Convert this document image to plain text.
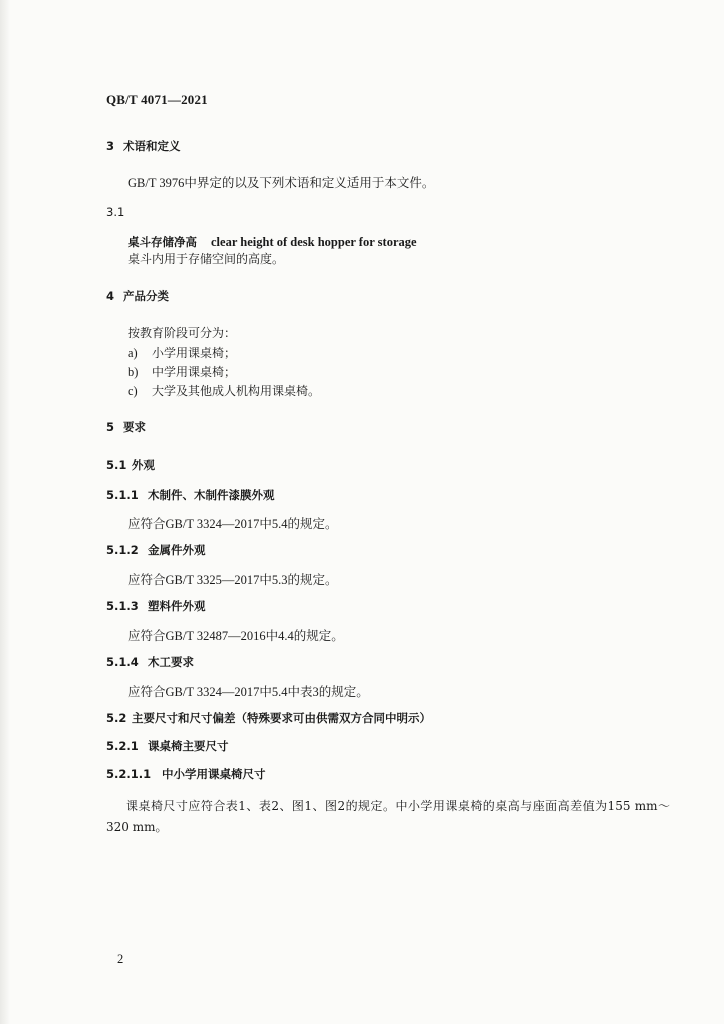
QB/T 4071—2021
3 术语和定义
GB/T 3976中界定的以及下列术语和定义适用于本文件。
3.1
桌斗存储净高 clear height of desk hopper for storage
桌斗内用于存储空间的高度。
4 产品分类
按教育阶段可分为：
a) 小学用课桌椅；
b) 中学用课桌椅；
c) 大学及其他成人机构用课桌椅。
5 要求
5.1 外观
5.1.1 木制件、木制件漆膜外观
应符合GB/T 3324—2017中5.4的规定。
5.1.2 金属件外观
应符合GB/T 3325—2017中5.3的规定。
5.1.3 塑料件外观
应符合GB/T 32487—2016中4.4的规定。
5.1.4 木工要求
应符合GB/T 3324—2017中5.4中表3的规定。
5.2 主要尺寸和尺寸偏差（特殊要求可由供需双方合同中明示）
5.2.1 课桌椅主要尺寸
5.2.1.1 中小学用课桌椅尺寸
课桌椅尺寸应符合表1、表2、图1、图2的规定。中小学用课桌椅的桌高与座面高差值为155 mm～320 mm。
2
